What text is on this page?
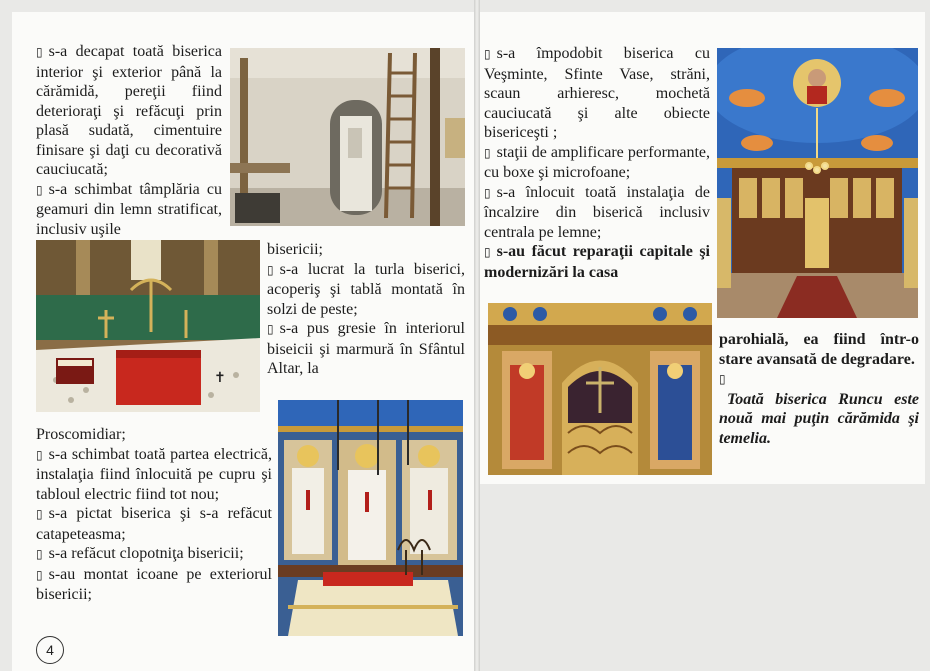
▯ s-a decapat toată biserica interior şi exterior până la cărămidă, pereţii fiind deterioraţi şi refăcuţi prin plasă sudată, cimentuire finisare şi daţi cu decorativă cauciucată;

▯ s-a schimbat tâmplăria cu geamuri din lemn stratificat, inclusiv uşile

bisericii;

▯ s-a lucrat la turla biserici, acoperiş şi tablă montată în solzi de peste;

▯ s-a pus gresie în interiorul biseicii şi marmură în Sfântul Altar, la

Proscomidiar;

▯ s-a schimbat toată partea electrică, instalaţia fiind înlocuită pe cupru şi tabloul electric fiind tot nou;

▯ s-a pictat biserica şi s-a refăcut catapeteasma;

▯ s-a refăcut clopotniţa bisericii;

▯ s-au montat icoane pe exteriorul bisericii;

4
✝

▯ s-a împodobit biserica cu Veşminte, Sfinte Vase, străni, scaun arhieresc, mochetă cauciucată şi alte obiecte bisericeşti ;

▯ staţii de amplificare performante, cu boxe şi microfoane;

▯ s-a înlocuit toată instalaţia de încalzire din biserică inclusiv centrala pe lemne;

▯ s-au făcut reparaţii capitale şi modernizări la casa

parohială, ea fiind într-o stare avansată de degradare.

▯

Toată biserica Runcu este nouă mai puţin cărămida şi temelia.
